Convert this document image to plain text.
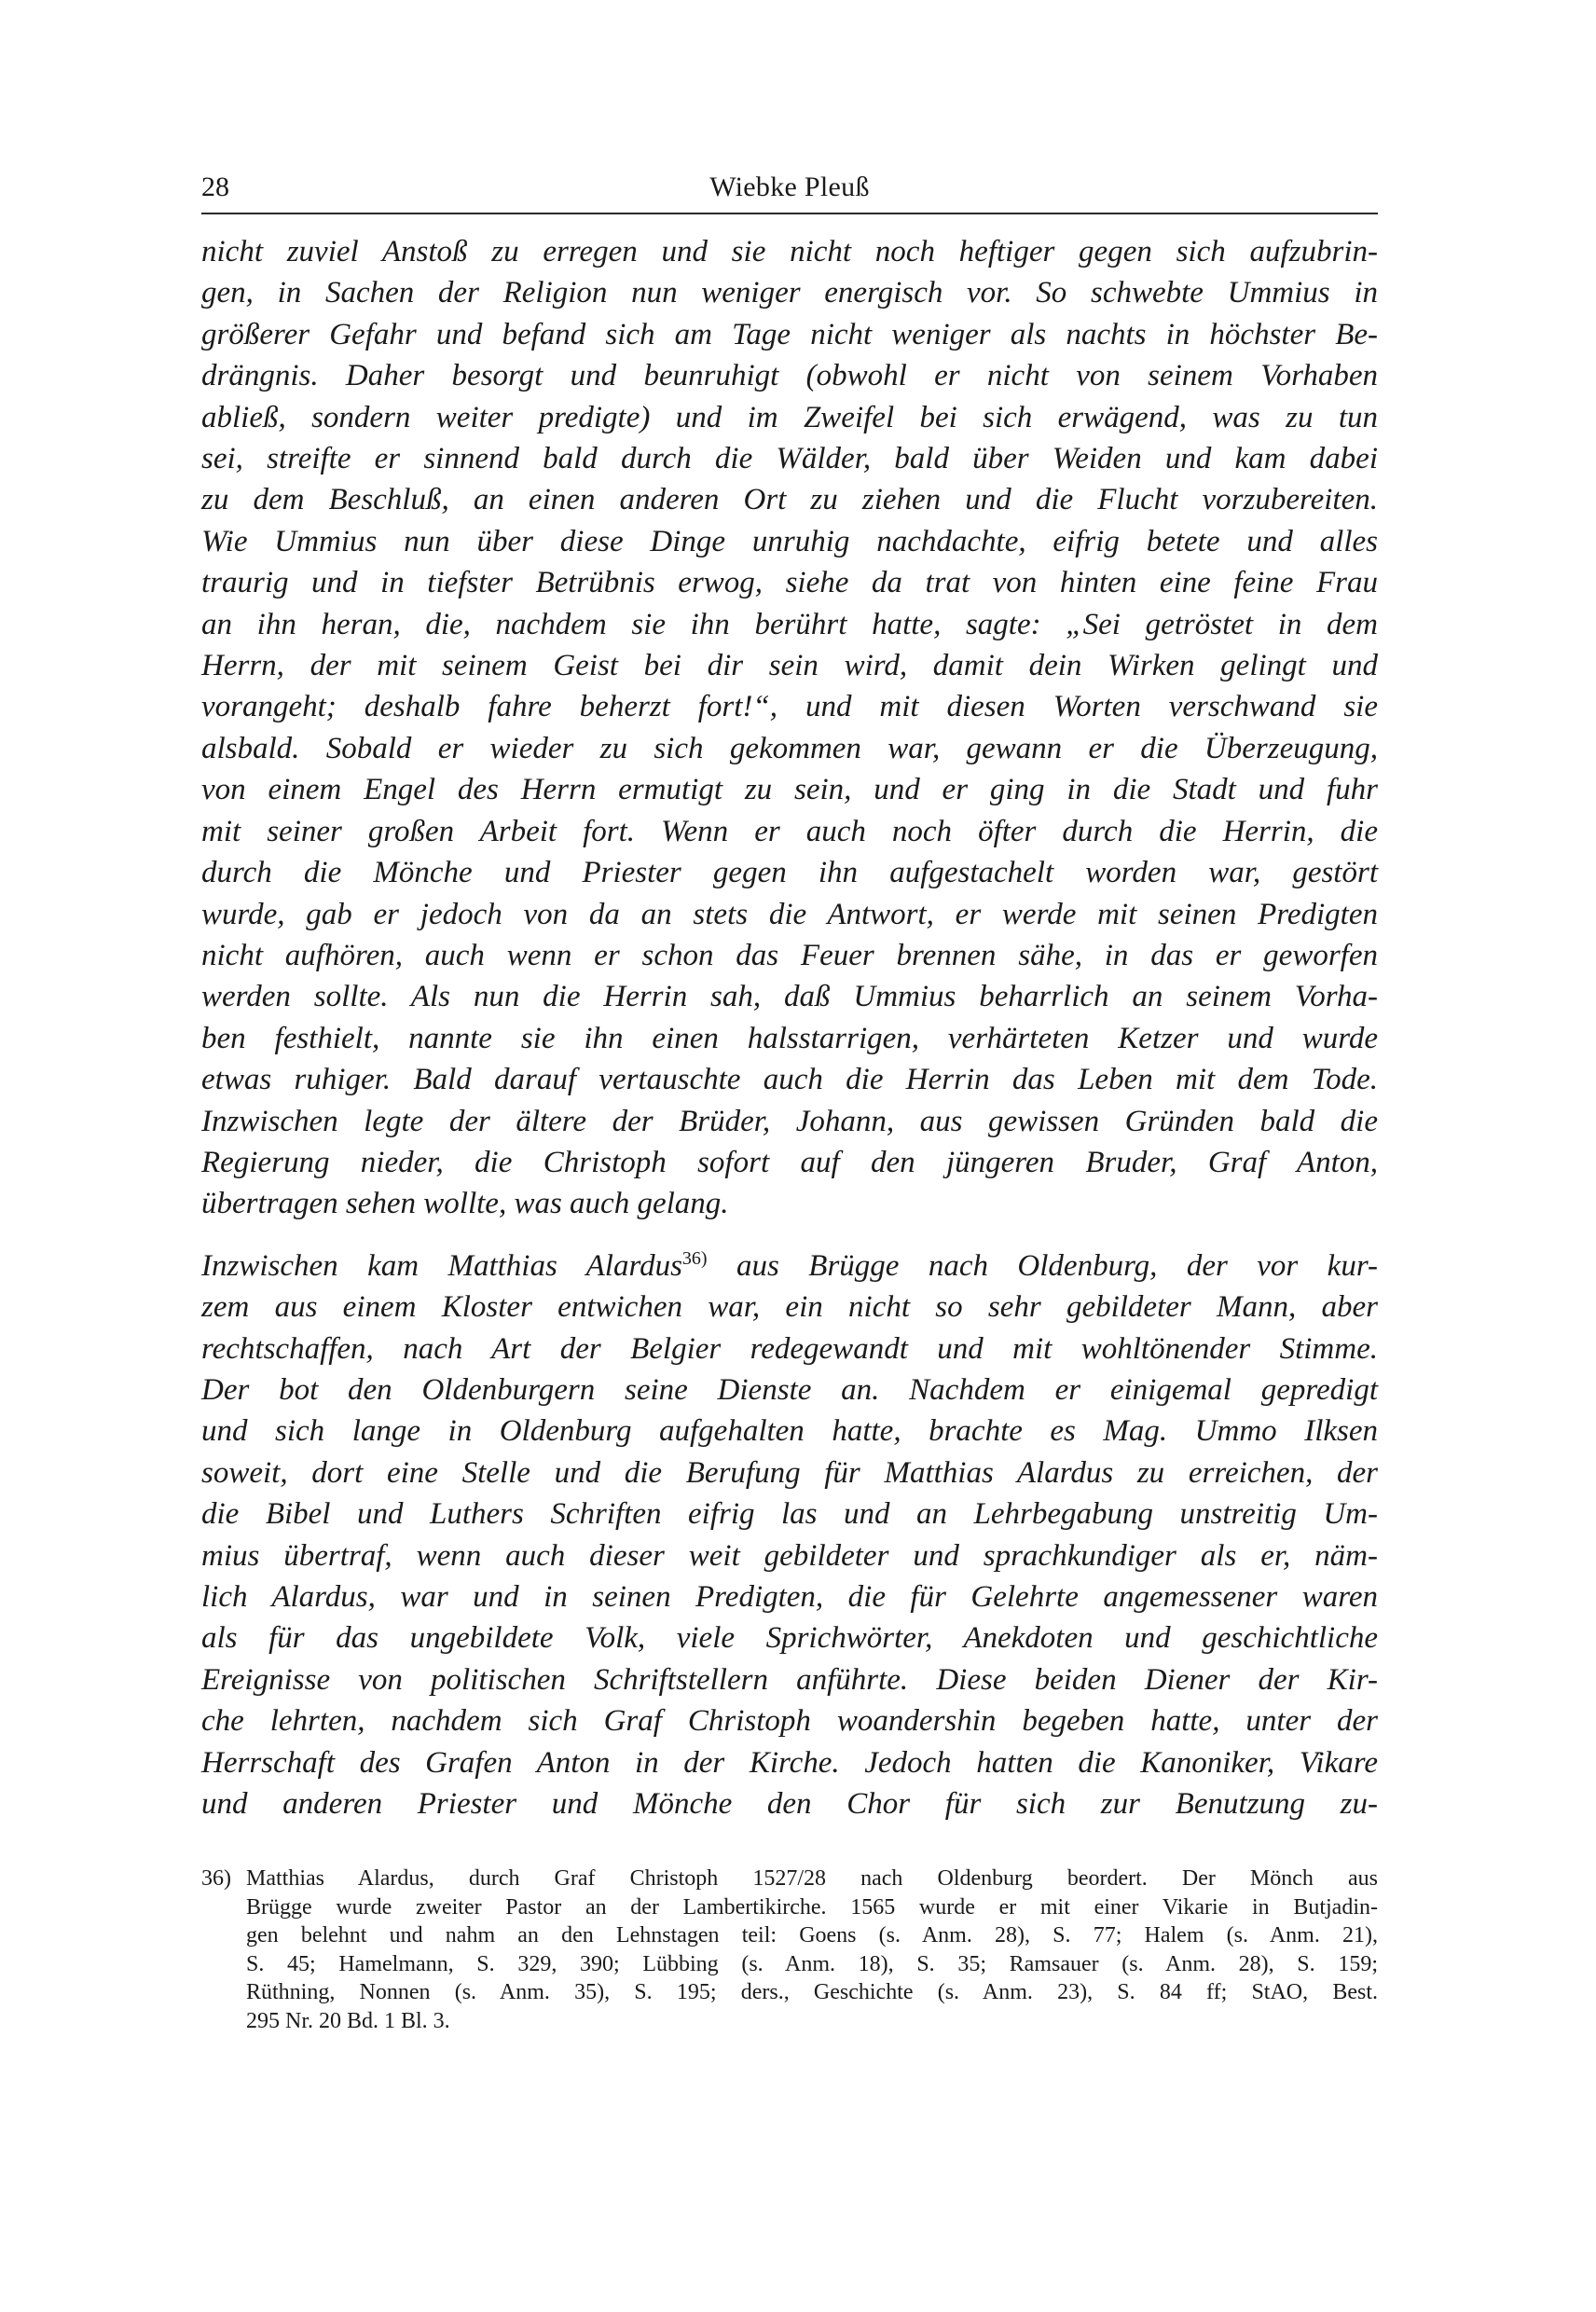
28	Wiebke Pleuß

nicht zuviel Anstoß zu erregen und sie nicht noch heftiger gegen sich aufzubrin-

gen, in Sachen der Religion nun weniger energisch vor. So schwebte Ummius in

größerer Gefahr und befand sich am Tage nicht weniger als nachts in höchster Be-

drängnis. Daher besorgt und beunruhigt (obwohl er nicht von seinem Vorhaben

abließ, sondern weiter predigte) und im Zweifel bei sich erwägend, was zu tun

sei, streifte er sinnend bald durch die Wälder, bald über Weiden und kam dabei

zu dem Beschluß, an einen anderen Ort zu ziehen und die Flucht vorzubereiten.

Wie Ummius nun über diese Dinge unruhig nachdachte, eifrig betete und alles

traurig und in tiefster Betrübnis erwog, siehe da trat von hinten eine feine Frau

an ihn heran, die, nachdem sie ihn berührt hatte, sagte: „Sei getröstet in dem

Herrn, der mit seinem Geist bei dir sein wird, damit dein Wirken gelingt und

vorangeht; deshalb fahre beherzt fort!“, und mit diesen Worten verschwand sie

alsbald. Sobald er wieder zu sich gekommen war, gewann er die Überzeugung,

von einem Engel des Herrn ermutigt zu sein, und er ging in die Stadt und fuhr

mit seiner großen Arbeit fort. Wenn er auch noch öfter durch die Herrin, die

durch die Mönche und Priester gegen ihn aufgestachelt worden war, gestört

wurde, gab er jedoch von da an stets die Antwort, er werde mit seinen Predigten

nicht aufhören, auch wenn er schon das Feuer brennen sähe, in das er geworfen

werden sollte. Als nun die Herrin sah, daß Ummius beharrlich an seinem Vorha-

ben festhielt, nannte sie ihn einen halsstarrigen, verhärteten Ketzer und wurde

etwas ruhiger. Bald darauf vertauschte auch die Herrin das Leben mit dem Tode.

Inzwischen legte der ältere der Brüder, Johann, aus gewissen Gründen bald die

Regierung nieder, die Christoph sofort auf den jüngeren Bruder, Graf Anton,

übertragen sehen wollte, was auch gelang.

Inzwischen kam Matthias Alardus$^{36)}$ aus Brügge nach Oldenburg, der vor kur-

zem aus einem Kloster entwichen war, ein nicht so sehr gebildeter Mann, aber

rechtschaffen, nach Art der Belgier redegewandt und mit wohltönender Stimme.

Der bot den Oldenburgern seine Dienste an. Nachdem er einigemal gepredigt

und sich lange in Oldenburg aufgehalten hatte, brachte es Mag. Ummo Ilksen

soweit, dort eine Stelle und die Berufung für Matthias Alardus zu erreichen, der

die Bibel und Luthers Schriften eifrig las und an Lehrbegabung unstreitig Um-

mius übertraf, wenn auch dieser weit gebildeter und sprachkundiger als er, näm-

lich Alardus, war und in seinen Predigten, die für Gelehrte angemessener waren

als für das ungebildete Volk, viele Sprichwörter, Anekdoten und geschichtliche

Ereignisse von politischen Schriftstellern anführte. Diese beiden Diener der Kir-

che lehrten, nachdem sich Graf Christoph woandershin begeben hatte, unter der

Herrschaft des Grafen Anton in der Kirche. Jedoch hatten die Kanoniker, Vikare

und anderen Priester und Mönche den Chor für sich zur Benutzung zu-

36) Matthias Alardus, durch Graf Christoph 1527/28 nach Oldenburg beordert. Der Mönch aus
Brügge wurde zweiter Pastor an der Lambertikirche. 1565 wurde er mit einer Vikarie in Butjadin-
gen belehnt und nahm an den Lehnstagen teil: Goens (s. Anm. 28), S. 77; Halem (s. Anm. 21),
S. 45; Hamelmann, S. 329, 390; Lübbing (s. Anm. 18), S. 35; Ramsauer (s. Anm. 28), S. 159;
Rüthning, Nonnen (s. Anm. 35), S. 195; ders., Geschichte (s. Anm. 23), S. 84 ff; StAO, Best.
295 Nr. 20 Bd. 1 Bl. 3.
